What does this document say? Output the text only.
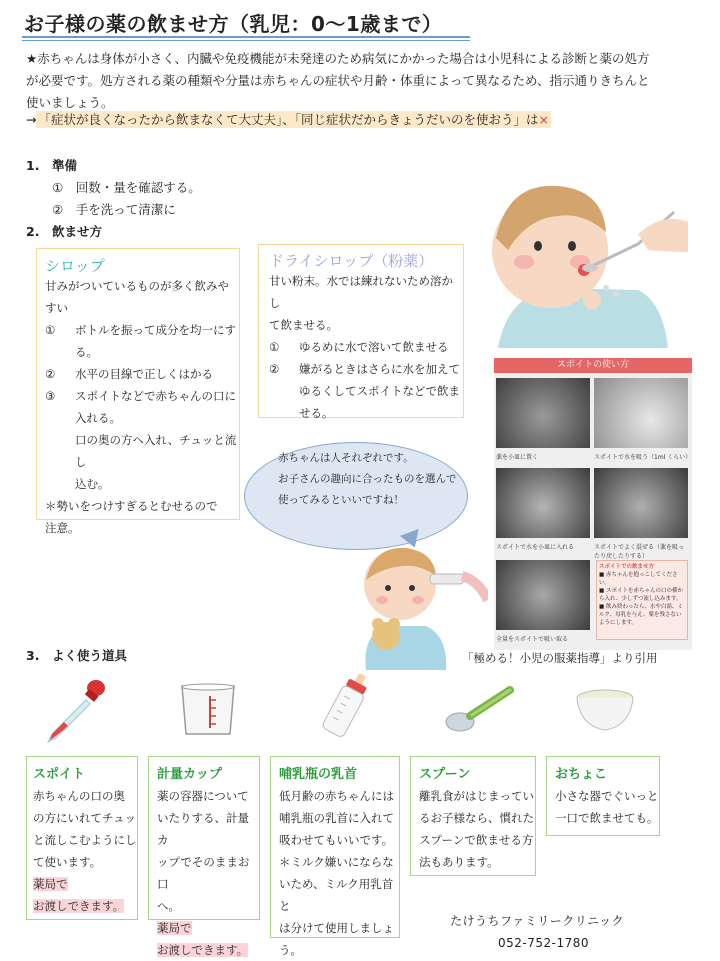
お子様の薬の飲ませ方（乳児：0～1歳まで）
★赤ちゃんは身体が小さく、内臓や免疫機能が未発達のため病気にかかった場合は小児科による診断と薬の処方
が必要です。処方される薬の種類や分量は赤ちゃんの症状や月齢・体重によって異なるため、指示通りきちんと
使いましょう。
→ 「症状が良くなったから飲まなくて大丈夫」、「同じ症状だからきょうだいのを使おう」は×
1.　準備
①　回数・量を確認する。
②　手を洗って清潔に
2.　飲ませ方
シロップ
甘みがついているものが多く飲みや
すい
① ボトルを振って成分を均一にす
る。
② 水平の目線で正しくはかる
③ スポイトなどで赤ちゃんの口に
入れる。
口の奥の方へ入れ、チュッと流し
込む。
＊勢いをつけすぎるとむせるので
注意。
ドライシロップ（粉薬）
甘い粉末。水では練れないため溶かし
て飲ませる。
① ゆるめに水で溶いて飲ませる
② 嫌がるときはさらに水を加えて
ゆるくしてスポイトなどで飲ま
せる。
赤ちゃんは人それぞれです。
お子さんの趣向に合ったものを選んで
使ってみるといいですね！
スポイトの使い方
薬を小皿に置く	スポイトで水を吸う（1ml くらい）
スポイトで水を小皿に入れる	スポイトでよく混ぜる（薬を吸ったり戻したりする）
全量をスポイトで吸い取る
スポイトでの飲ませ方
■ 赤ちゃんを抱っこしてください。
■ スポイトを赤ちゃんの口の横から入れ、少しずつ流し込みます。
■ 飲み終わったら、水や白湯、ミルク、母乳を与え、薬を残さないようにします。
「極める！小児の服薬指導」より引用
3.　よく使う道具
スポイト
赤ちゃんの口の奥
の方にいれてチュッ
と流しこむようにし
て使います。
薬局で
お渡しできます。
計量カップ
薬の容器について
いたりする、計量カ
ップでそのままお口
へ。
薬局で
お渡しできます。
哺乳瓶の乳首
低月齢の赤ちゃんには
哺乳瓶の乳首に入れて
吸わせてもいいです。
＊ミルク嫌いにならな
いため、ミルク用乳首と
は分けて使用しましょ
う。
スプーン
離乳食がはじまってい
るお子様なら、慣れた
スプーンで飲ませる方
法もあります。
おちょこ
小さな器でぐいっと
一口で飲ませても。
たけうちファミリークリニック
052-752-1780
